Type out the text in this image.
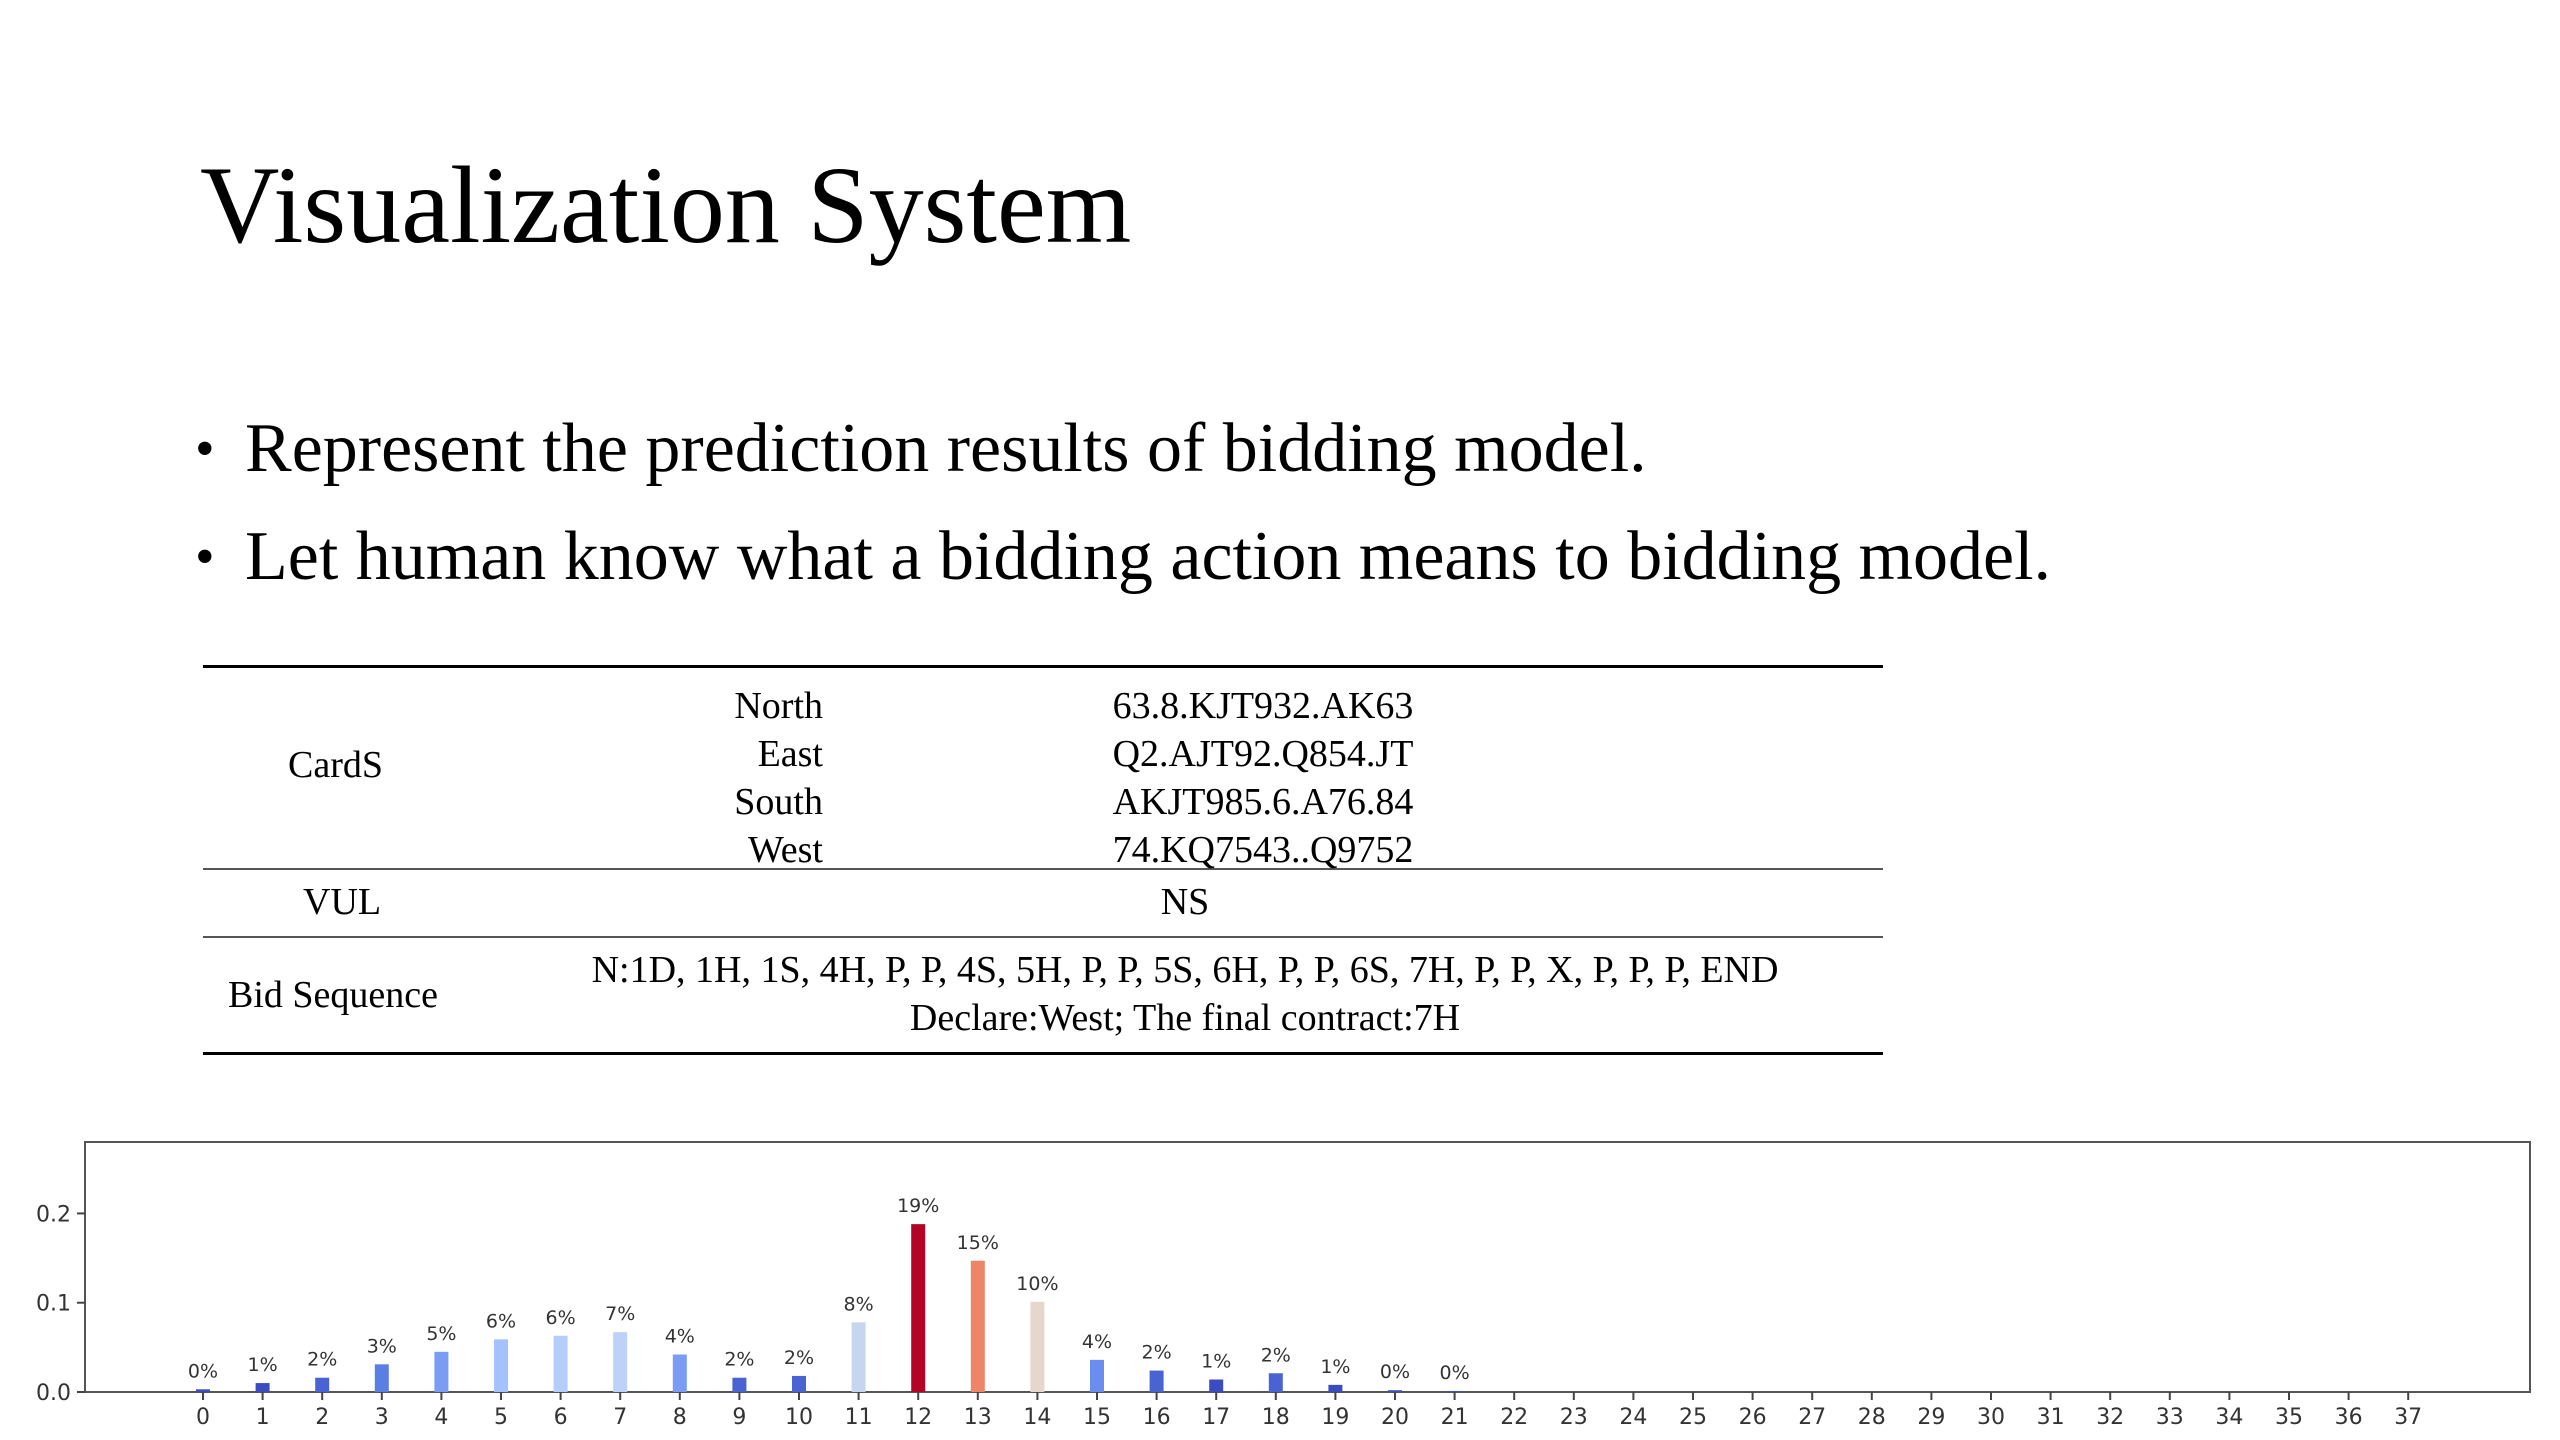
Visualization System
• Represent the prediction results of bidding model.
• Let human know what a bidding action means to bidding model.
CardS
North
East
South
West
63.8.KJT932.AK63
Q2.AJT92.Q854.JT
AKJT985.6.A76.84
74.KQ7543..Q9752
VUL	NS
Bid Sequence
N:1D, 1H, 1S, 4H, P, P, 4S, 5H, P, P, 5S, 6H, P, P, 6S, 7H, P, P, X, P, P, P, END
Declare:West; The final contract:7H
0.0
0.1
0.2
0
0%
1
1%
2
2%
3
3%
4
5%
5
6%
6
6%
7
7%
8
4%
9
2%
10
2%
11
8%
12
19%
13
15%
14
10%
15
4%
16
2%
17
1%
18
2%
19
1%
20
0%
21
0%
22 23 24 25 26 27 28 29 30 31 32 33 34 35 36 37
